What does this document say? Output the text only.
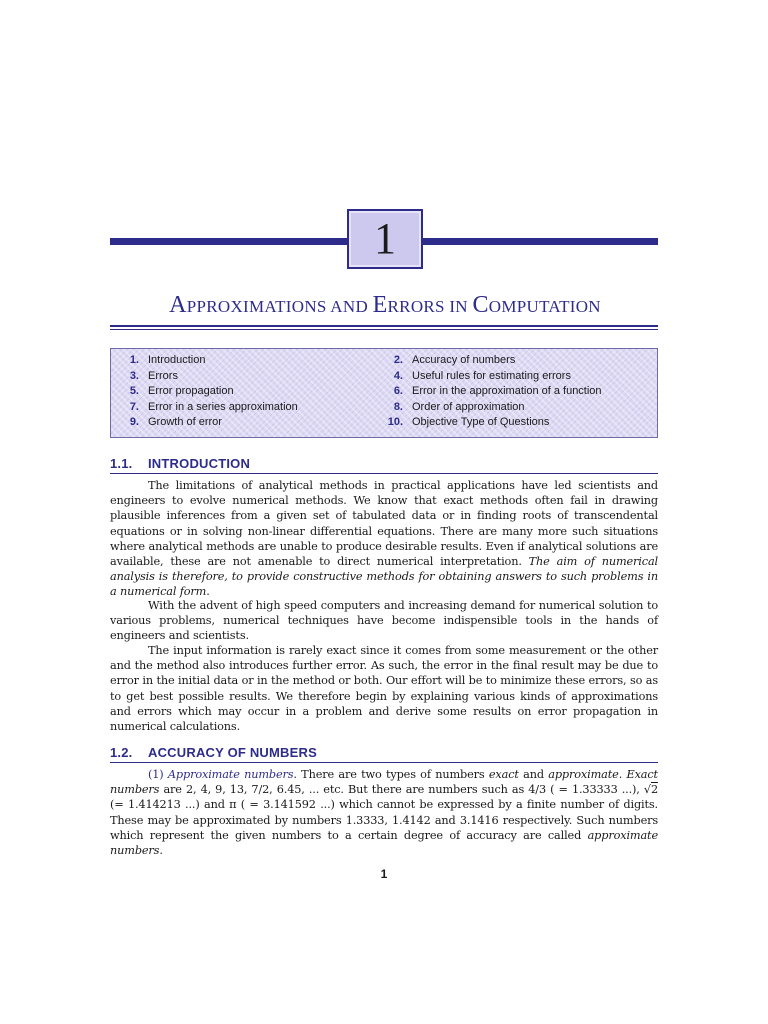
1
APPROXIMATIONS AND ERRORS IN COMPUTATION
1. Introduction
3. Errors
5. Error propagation
7. Error in a series approximation
9. Growth of error
2. Accuracy of numbers
4. Useful rules for estimating errors
6. Error in the approximation of a function
8. Order of approximation
10. Objective Type of Questions
1.1. INTRODUCTION

The limitations of analytical methods in practical applications have led scientists and engineers to evolve numerical methods. We know that exact methods often fail in drawing plausible inferences from a given set of tabulated data or in finding roots of transcendental equations or in solving non-linear differential equations. There are many more such situations where analytical methods are unable to produce desirable results. Even if analytical solutions are available, these are not amenable to direct numerical interpretation. The aim of numerical analysis is therefore, to provide constructive methods for obtaining answers to such problems in a numerical form.

With the advent of high speed computers and increasing demand for numerical solution to various problems, numerical techniques have become indispensible tools in the hands of engineers and scientists.

The input information is rarely exact since it comes from some measurement or the other and the method also introduces further error. As such, the error in the final result may be due to error in the initial data or in the method or both. Our effort will be to minimize these errors, so as to get best possible results. We therefore begin by explaining various kinds of approximations and errors which may occur in a problem and derive some results on error propagation in numerical calculations.

1.2. ACCURACY OF NUMBERS

(1) Approximate numbers. There are two types of numbers exact and approximate. Exact numbers are 2, 4, 9, 13, 7/2, 6.45, ... etc. But there are numbers such as 4/3 ( = 1.33333 ...), √2 (= 1.414213 ...) and π ( = 3.141592 ...) which cannot be expressed by a finite number of digits. These may be approximated by numbers 1.3333, 1.4142 and 3.1416 respectively. Such numbers which represent the given numbers to a certain degree of accuracy are called approximate numbers.

1
